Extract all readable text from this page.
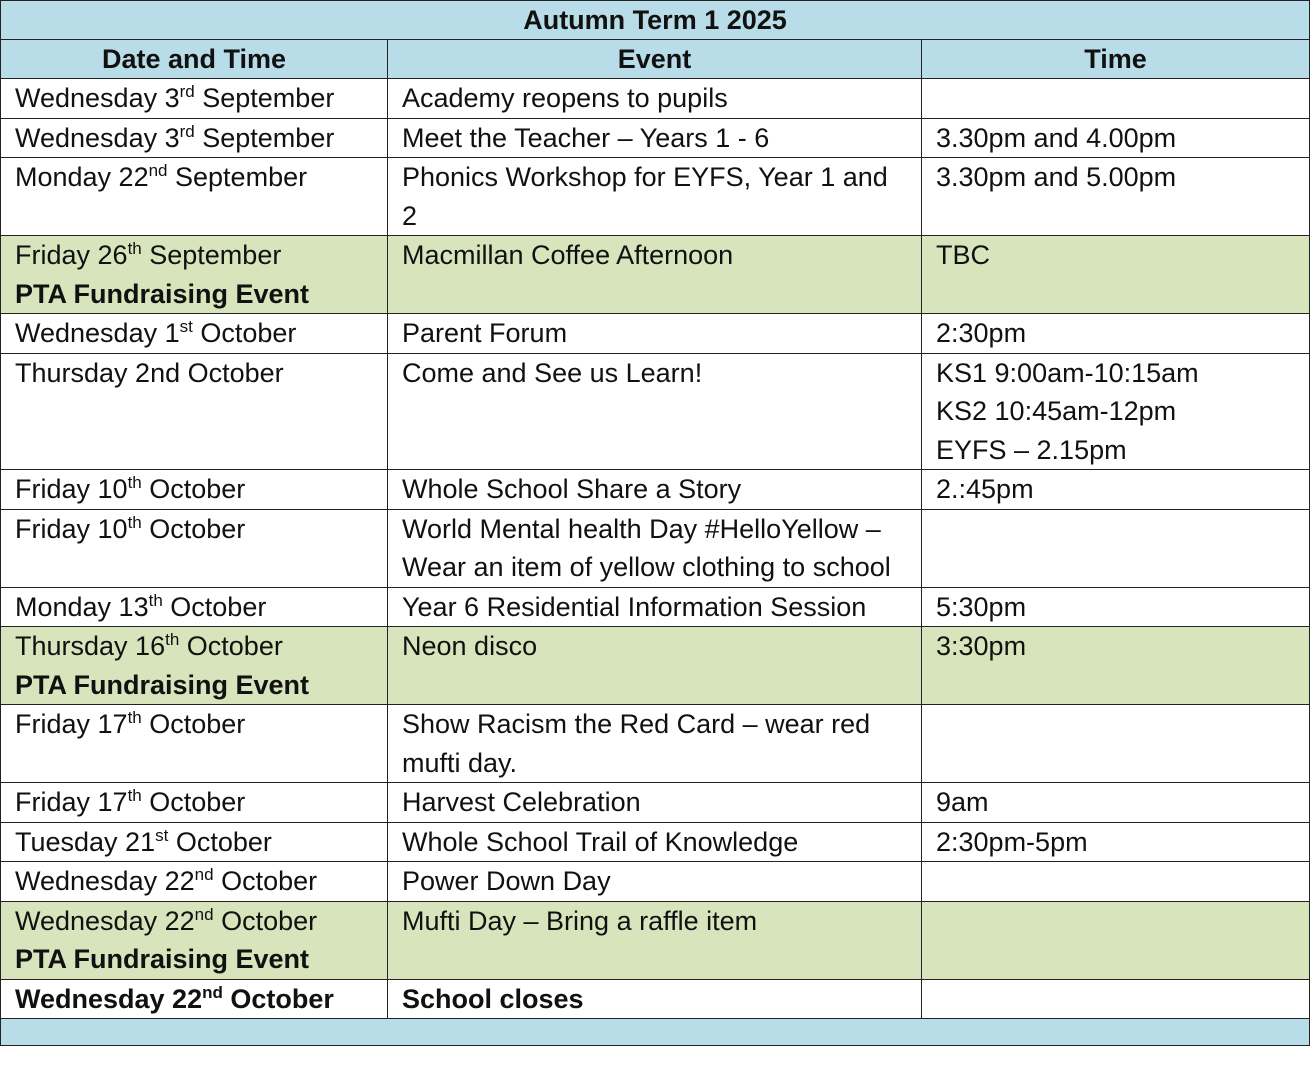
Autumn Term 1 2025		
Date and Time	Event	Time
Wednesday 3rd September	Academy reopens to pupils	
Wednesday 3rd September	Meet the Teacher – Years 1 - 6	3.30pm and 4.00pm
Monday 22nd September	Phonics Workshop for EYFS, Year 1 and 2	3.30pm and 5.00pm
Friday 26th September
PTA Fundraising Event	Macmillan Coffee Afternoon	TBC
Wednesday 1st October	Parent Forum	2:30pm
Thursday 2nd October	Come and See us Learn!	KS1 9:00am-10:15am
KS2 10:45am-12pm
EYFS – 2.15pm

Friday 10th October	Whole School Share a Story	2.:45pm
Friday 10th October	World Mental health Day #HelloYellow – Wear an item of yellow clothing to school	
Monday 13th October	Year 6 Residential Information Session	5:30pm
Thursday 16th October
PTA Fundraising Event	Neon disco	3:30pm
Friday 17th October	Show Racism the Red Card – wear red mufti day.	
Friday 17th October	Harvest Celebration	9am
Tuesday 21st October	Whole School Trail of Knowledge	2:30pm-5pm
Wednesday 22nd October	Power Down Day	
Wednesday 22nd October
PTA Fundraising Event	Mufti Day – Bring a raffle item	
Wednesday 22nd October	School closes	
